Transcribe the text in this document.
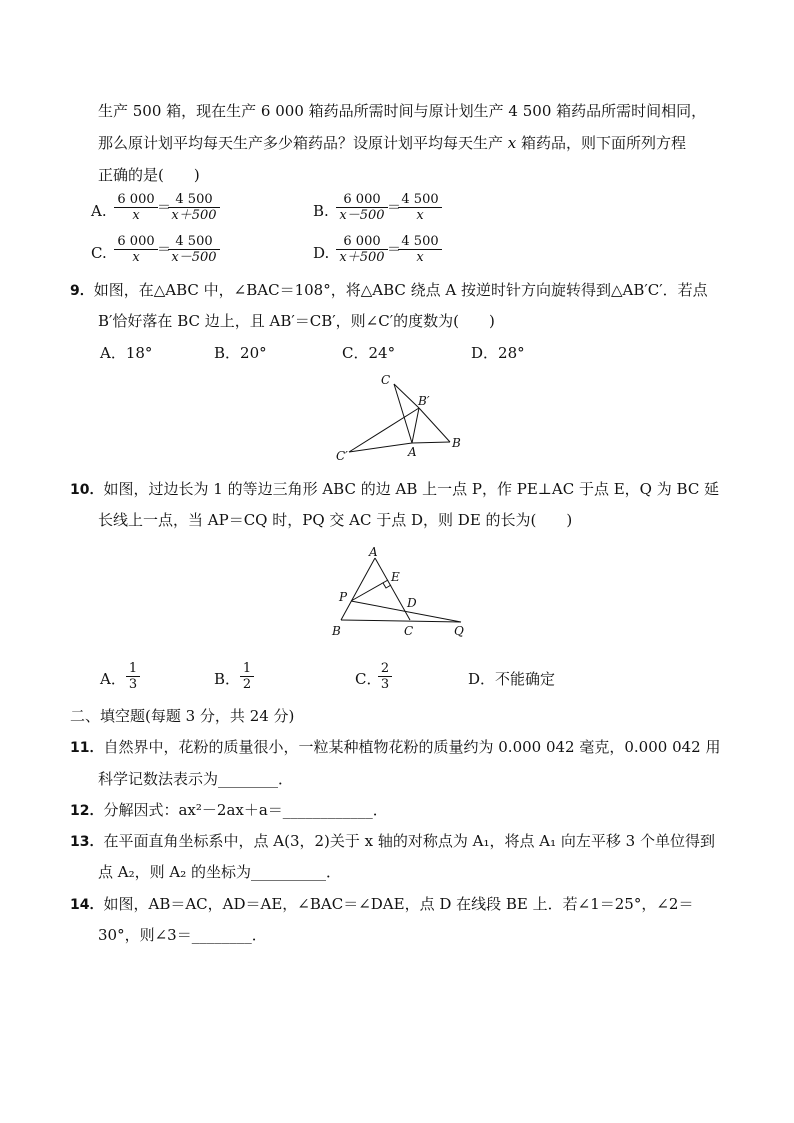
生产 500 箱，现在生产 6 000 箱药品所需时间与原计划生产 4 500 箱药品所需时间相同，
那么原计划平均每天生产多少箱药品？设原计划平均每天生产 x 箱药品，则下面所列方程
正确的是(　　)
A.
6 000
x	＝
4 500
x＋500	B.
6 000
x－500 ＝
4 500
x
C.
6 000
x	＝
4 500
x－500	D.
6 000
x＋500 ＝
4 500
x
9．如图，在△ABC 中，∠BAC＝108°，将△ABC 绕点 A 按逆时针方向旋转得到△AB′C′．若点
B′恰好落在 BC 边上，且 AB′＝CB′，则∠C′的度数为(　　)
A．18°	B．20°	C．24°	D．28°
C
B′
B
A
C′
10．如图，过边长为 1 的等边三角形 ABC 的边 AB 上一点 P，作 PE⊥AC 于点 E，Q 为 BC 延
长线上一点，当 AP＝CQ 时，PQ 交 AC 于点 D，则 DE 的长为(　　)
A
E
P	D
B	C	Q
A．
1
3	B．
1
2	C．
2
3	D．不能确定
二、填空题(每题 3 分，共 24 分)
11．自然界中，花粉的质量很小，一粒某种植物花粉的质量约为 0.000 042 毫克，0.000 042 用
科学记数法表示为________．
12．分解因式：ax²－2ax＋a＝____________．
13．在平面直角坐标系中，点 A(3，2)关于 x 轴的对称点为 A₁，将点 A₁ 向左平移 3 个单位得到
点 A₂，则 A₂ 的坐标为__________．
14．如图，AB＝AC，AD＝AE，∠BAC＝∠DAE，点 D 在线段 BE 上．若∠1＝25°，∠2＝
30°，则∠3＝________．
